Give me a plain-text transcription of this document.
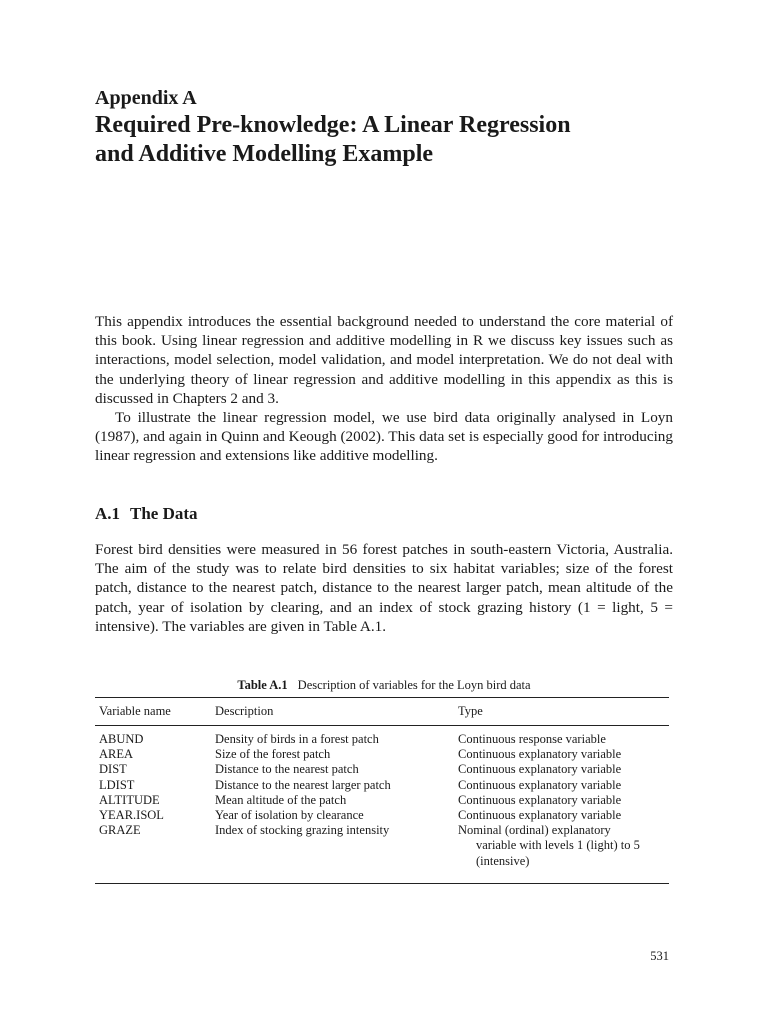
Appendix A
Required Pre-knowledge: A Linear Regression
and Additive Modelling Example

This appendix introduces the essential background needed to understand the core material of this book. Using linear regression and additive modelling in R we discuss key issues such as interactions, model selection, model validation, and model interpretation. We do not deal with the underlying theory of linear regression and additive modelling in this appendix as this is discussed in Chapters 2 and 3.

To illustrate the linear regression model, we use bird data originally analysed in Loyn (1987), and again in Quinn and Keough (2002). This data set is especially good for introducing linear regression and extensions like additive modelling.

A.1 The Data

Forest bird densities were measured in 56 forest patches in south-eastern Victoria, Australia. The aim of the study was to relate bird densities to six habitat variables; size of the forest patch, distance to the nearest patch, distance to the nearest larger patch, mean altitude of the patch, year of isolation by clearing, and an index of stock grazing history (1 = light, 5 = intensive). The variables are given in Table A.1.

Table A.1 Description of variables for the Loyn bird data
Variable name	Description	Type
ABUND	Density of birds in a forest patch	Continuous response variable
AREA	Size of the forest patch	Continuous explanatory variable
DIST	Distance to the nearest patch	Continuous explanatory variable
LDIST	Distance to the nearest larger patch	Continuous explanatory variable
ALTITUDE	Mean altitude of the patch	Continuous explanatory variable
YEAR.ISOL	Year of isolation by clearance	Continuous explanatory variable
GRAZE	Index of stocking grazing intensity	Nominal (ordinal) explanatory
variable with levels 1 (light) to 5 (intensive)
531
